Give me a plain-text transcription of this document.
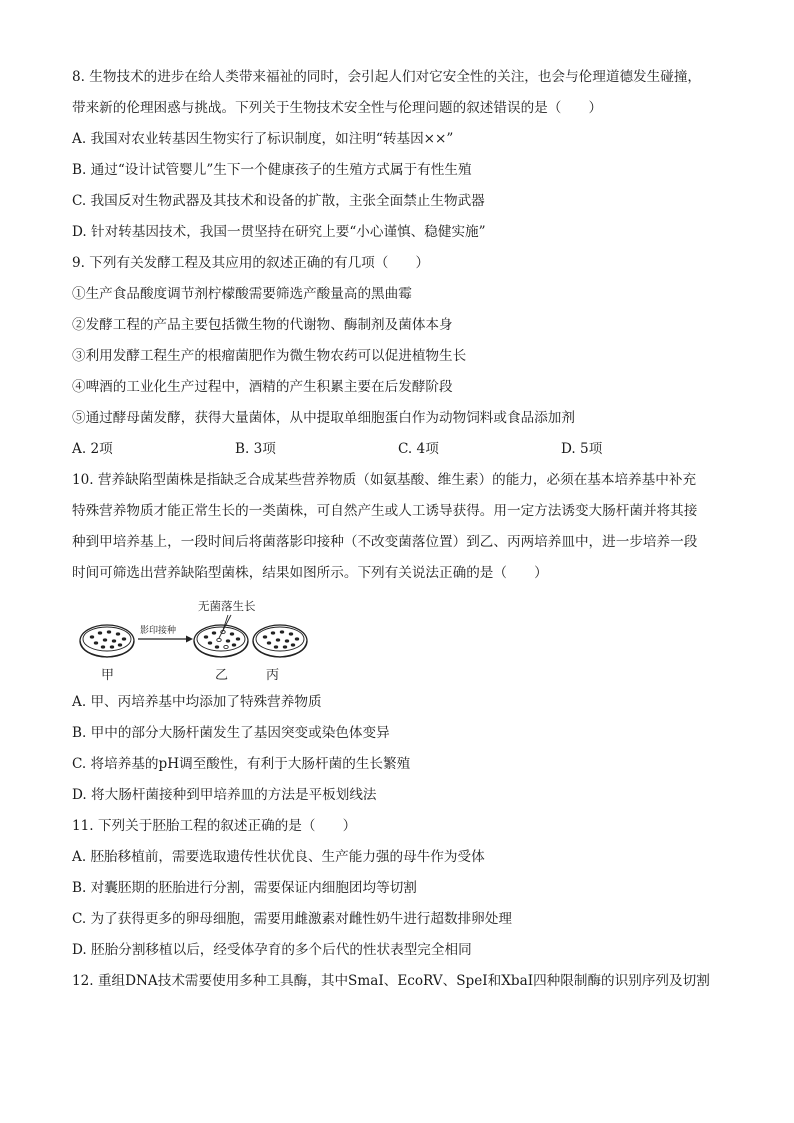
8. 生物技术的进步在给人类带来福祉的同时，会引起人们对它安全性的关注，也会与伦理道德发生碰撞，
带来新的伦理困惑与挑战。下列关于生物技术安全性与伦理问题的叙述错误的是（　　）
A. 我国对农业转基因生物实行了标识制度，如注明“转基因××”
B. 通过“设计试管婴儿”生下一个健康孩子的生殖方式属于有性生殖
C. 我国反对生物武器及其技术和设备的扩散，主张全面禁止生物武器
D. 针对转基因技术，我国一贯坚持在研究上要“小心谨慎、稳健实施”
9. 下列有关发酵工程及其应用的叙述正确的有几项（　　）
①生产食品酸度调节剂柠檬酸需要筛选产酸量高的黑曲霉
②发酵工程的产品主要包括微生物的代谢物、酶制剂及菌体本身
③利用发酵工程生产的根瘤菌肥作为微生物农药可以促进植物生长
④啤酒的工业化生产过程中，酒精的产生积累主要在后发酵阶段
⑤通过酵母菌发酵，获得大量菌体，从中提取单细胞蛋白作为动物饲料或食品添加剂
A. 2项	B. 3项	C. 4项	D. 5项
10. 营养缺陷型菌株是指缺乏合成某些营养物质（如氨基酸、维生素）的能力，必须在基本培养基中补充
特殊营养物质才能正常生长的一类菌株，可自然产生或人工诱导获得。用一定方法诱变大肠杆菌并将其接
种到甲培养基上，一段时间后将菌落影印接种（不改变菌落位置）到乙、丙两培养皿中，进一步培养一段
时间可筛选出营养缺陷型菌株，结果如图所示。下列有关说法正确的是（　　）
影印接种
无菌落生长
甲	乙	丙
A. 甲、丙培养基中均添加了特殊营养物质
B. 甲中的部分大肠杆菌发生了基因突变或染色体变异
C. 将培养基的pH调至酸性，有利于大肠杆菌的生长繁殖
D. 将大肠杆菌接种到甲培养皿的方法是平板划线法
11. 下列关于胚胎工程的叙述正确的是（　　）
A. 胚胎移植前，需要选取遗传性状优良、生产能力强的母牛作为受体
B. 对囊胚期的胚胎进行分割，需要保证内细胞团均等切割
C. 为了获得更多的卵母细胞，需要用雌激素对雌性奶牛进行超数排卵处理
D. 胚胎分割移植以后，经受体孕育的多个后代的性状表型完全相同
12. 重组DNA技术需要使用多种工具酶，其中SmaI、EcoRV、SpeI和XbaI四种限制酶的识别序列及切割
